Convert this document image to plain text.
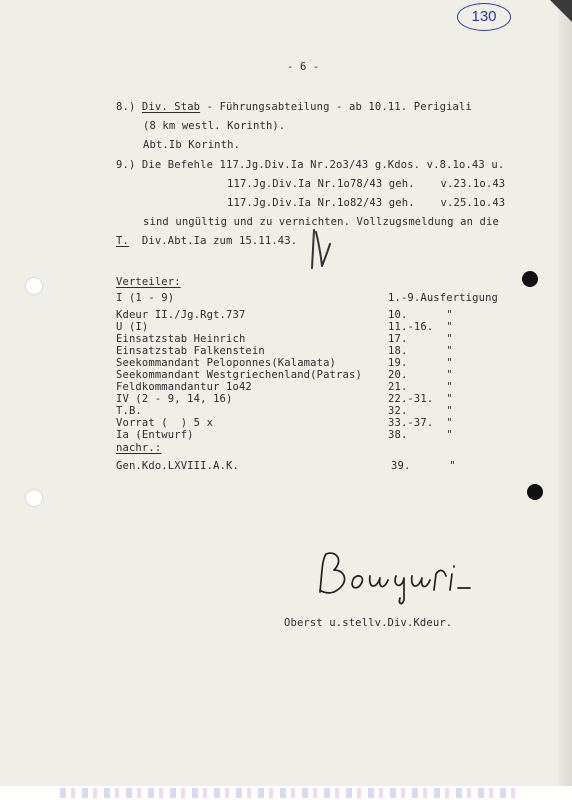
130
- 6 -
8.) Div. Stab - Führungsabteilung - ab 10.11. Perigiali
(8 km westl. Korinth).
Abt.Ib Korinth.
9.) Die Befehle 117.Jg.Div.Ia Nr.2o3/43 g.Kdos. v.8.1o.43 u.
117.Jg.Div.Ia Nr.1o78/43 geh.    v.23.1o.43
117.Jg.Div.Ia Nr.1o82/43 geh.    v.25.1o.43
sind ungültig und zu vernichten. Vollzugsmeldung an die
T.  Div.Abt.Ia zum 15.11.43.
Verteiler:
I (1 - 9)	1.-9.Ausfertigung
Kdeur II./Jg.Rgt.737	10.      "
U (I)	11.-16.  "
Einsatzstab Heinrich	17.      "
Einsatzstab Falkenstein	18.      "
Seekommandant Peloponnes(Kalamata)	19.      "
Seekommandant Westgriechenland(Patras) 20.      "
Feldkommandantur 1o42	21.      "
IV (2 - 9, 14, 16)	22.-31.  "
T.B.	32.      "
Vorrat (  ) 5 x	33.-37.  "
Ia (Entwurf)	38.      "
nachr.:
Gen.Kdo.LXVIII.A.K.	39.      "
Oberst u.stellv.Div.Kdeur.
